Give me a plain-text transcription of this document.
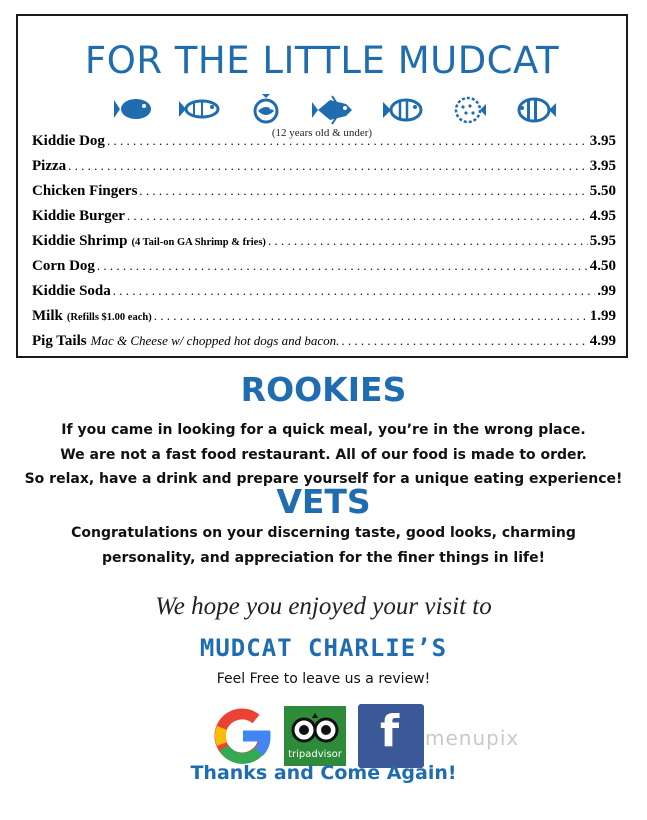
FOR THE LITTLE MUDCAT
(12 years old & under)
Kiddie Dog . . .	3.95
Pizza . . .	3.95
Chicken Fingers . . .	5.50
Kiddie Burger . . .	4.95
Kiddie Shrimp (4 Tail-on GA Shrimp & fries) . . .	5.95
Corn Dog . . .	4.50
Kiddie Soda . . .	.99
Milk (Refills $1.00 each) . . .	1.99
Pig Tails Mac & Cheese w/ chopped hot dogs and bacon. . . .	4.99
ROOKIES
If you came in looking for a quick meal, you’re in the wrong place.
We are not a fast food restaurant. All of our food is made to order.
So relax, have a drink and prepare yourself for a unique eating experience!
VETS
Congratulations on your discerning taste, good looks, charming
personality, and appreciation for the finer things in life!
We hope you enjoyed your visit to
MUDCAT CHARLIE’S
Feel Free to leave us a review!
tripadvisor f menupix
Thanks and Come Again!
